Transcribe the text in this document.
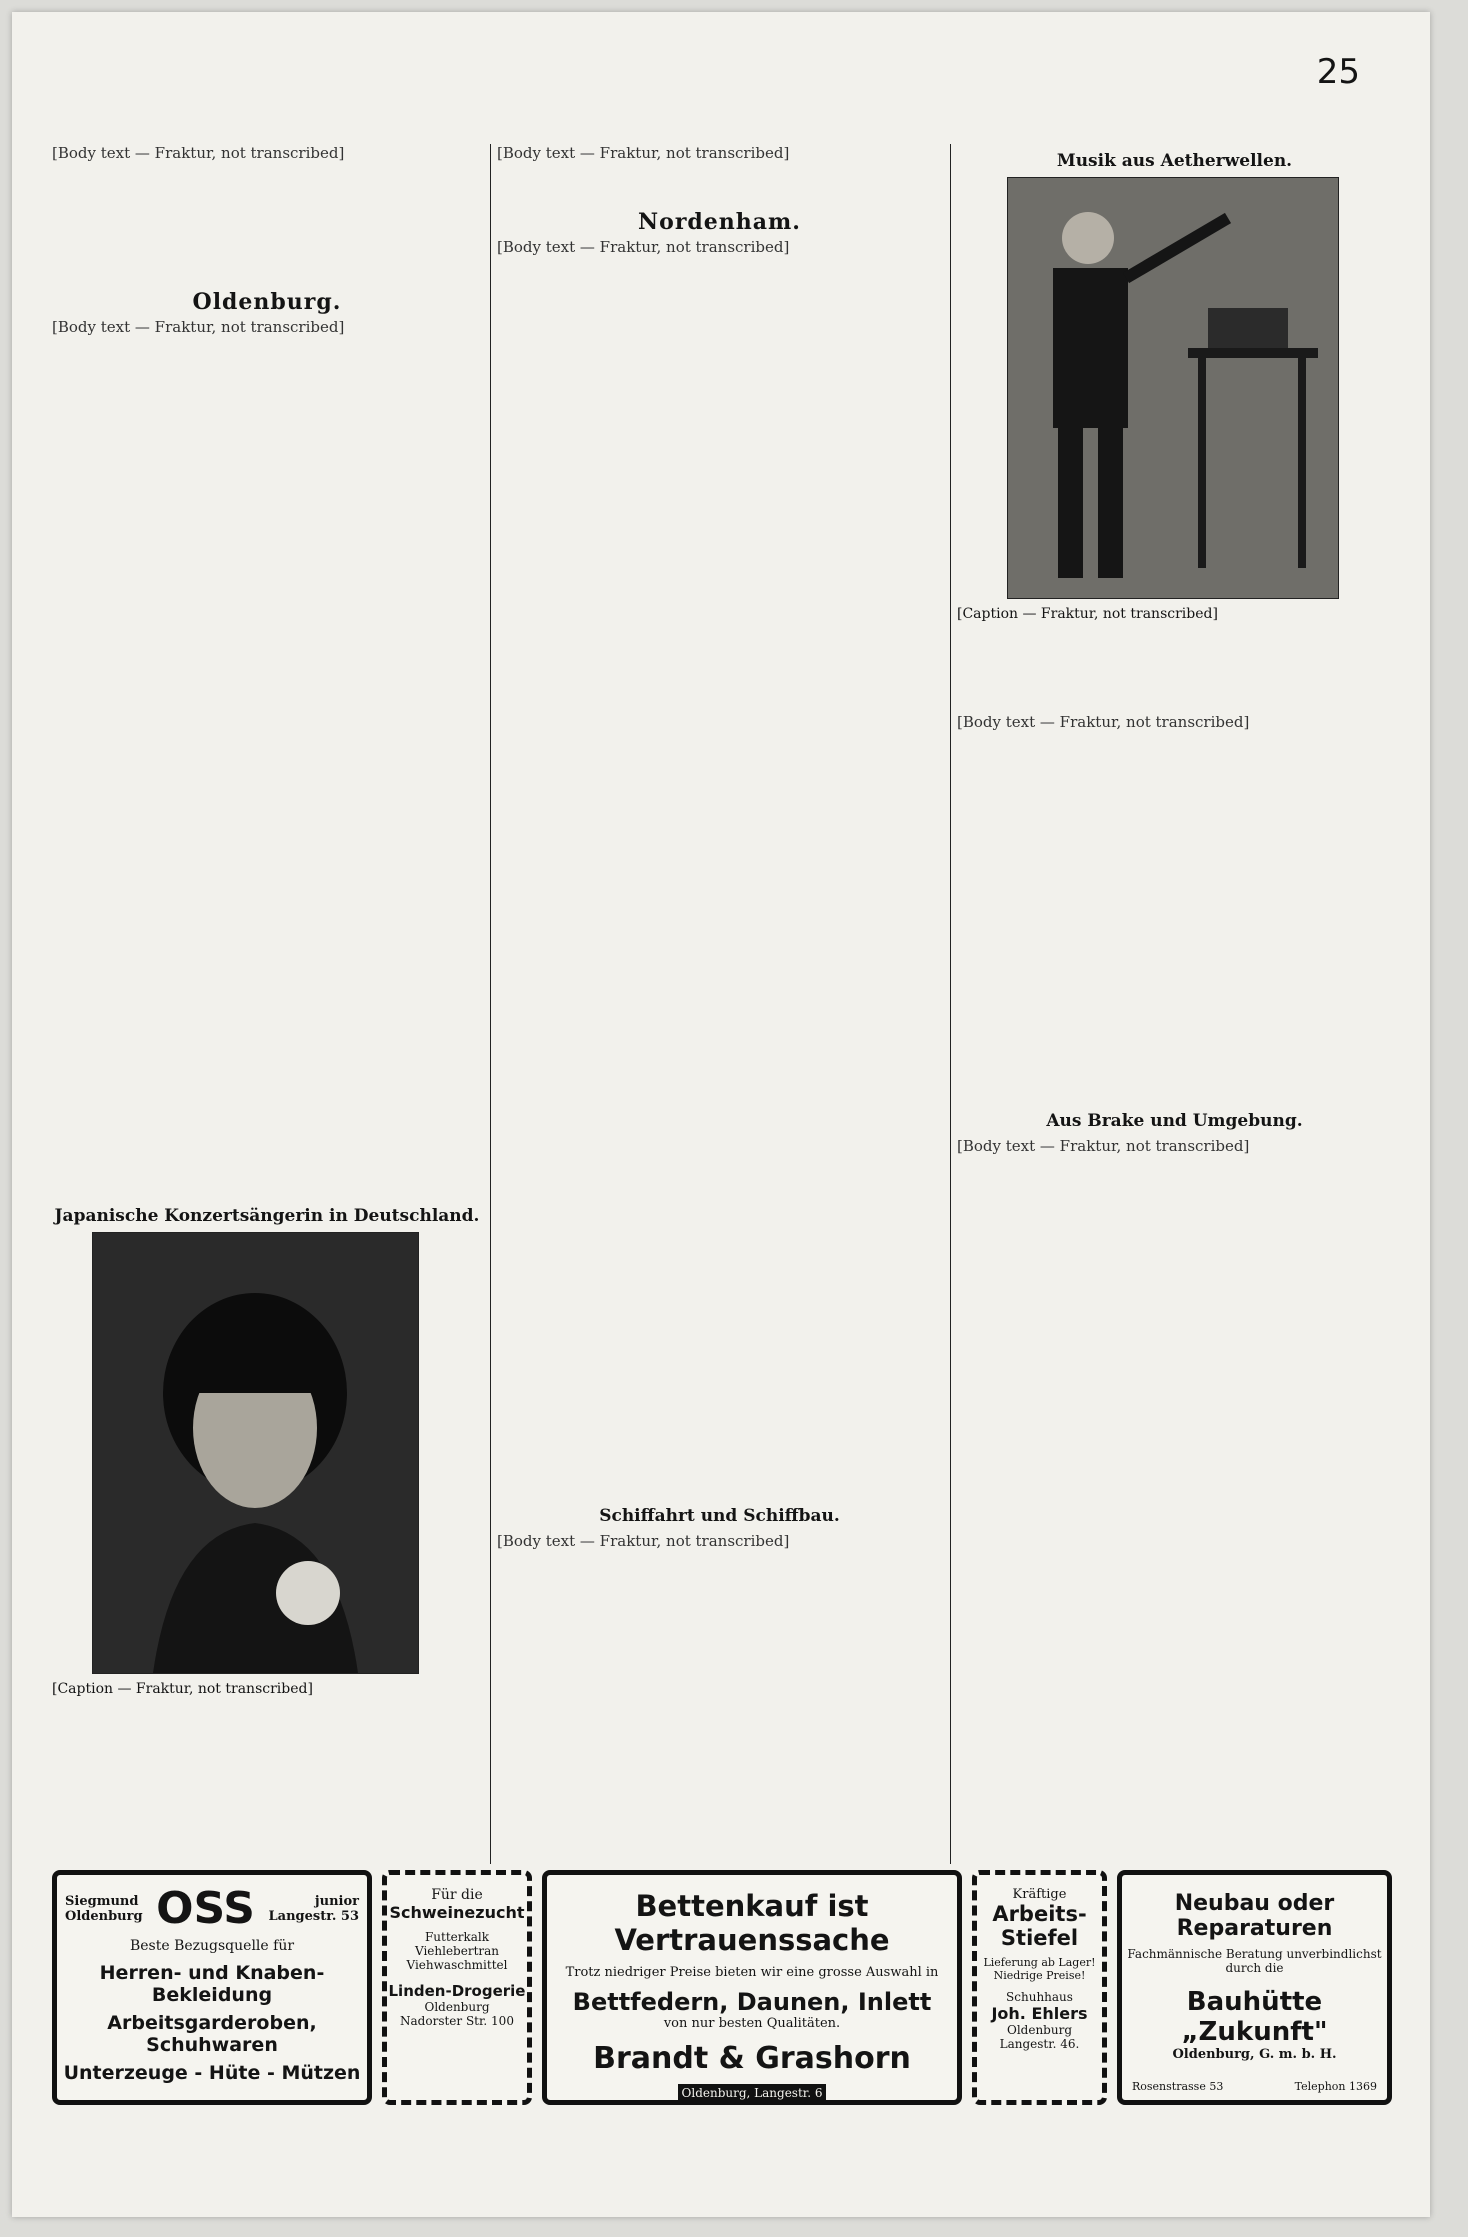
25
[Body text — Fraktur, not transcribed]
Oldenburg.
[Body text — Fraktur, not transcribed]
Japanische Konzertsängerin in Deutschland.
[Caption — Fraktur, not transcribed]
[Body text — Fraktur, not transcribed]
Nordenham.
[Body text — Fraktur, not transcribed]
Schiffahrt und Schiffbau.
[Body text — Fraktur, not transcribed]
Musik aus Aetherwellen.
[Caption — Fraktur, not transcribed]
[Body text — Fraktur, not transcribed]
Aus Brake und Umgebung.
[Body text — Fraktur, not transcribed]
Siegmund
Oldenburg OSS	junior
Langestr. 53
Beste Bezugsquelle für
Herren- und Knaben-Bekleidung
Arbeitsgarderoben, Schuhwaren
Unterzeuge - Hüte - Mützen
Für die
Schweinezucht
Futterkalk
Viehlebertran
Viehwaschmittel
Linden-Drogerie
Oldenburg
Nadorster Str. 100
Bettenkauf ist Vertrauenssache
Trotz niedriger Preise bieten wir eine grosse Auswahl in
Bettfedern, Daunen, Inlett
von nur besten Qualitäten.
Brandt & Grashorn
Oldenburg, Langestr. 6
Kräftige
Arbeits-
Stiefel
Lieferung ab Lager!
Niedrige Preise!
Schuhhaus
Joh. Ehlers
Oldenburg
Langestr. 46.
Neubau oder Reparaturen
Fachmännische Beratung unverbindlichst
durch die
Bauhütte „Zukunft"
Oldenburg, G. m. b. H.
Rosenstrasse 53	Telephon 1369
